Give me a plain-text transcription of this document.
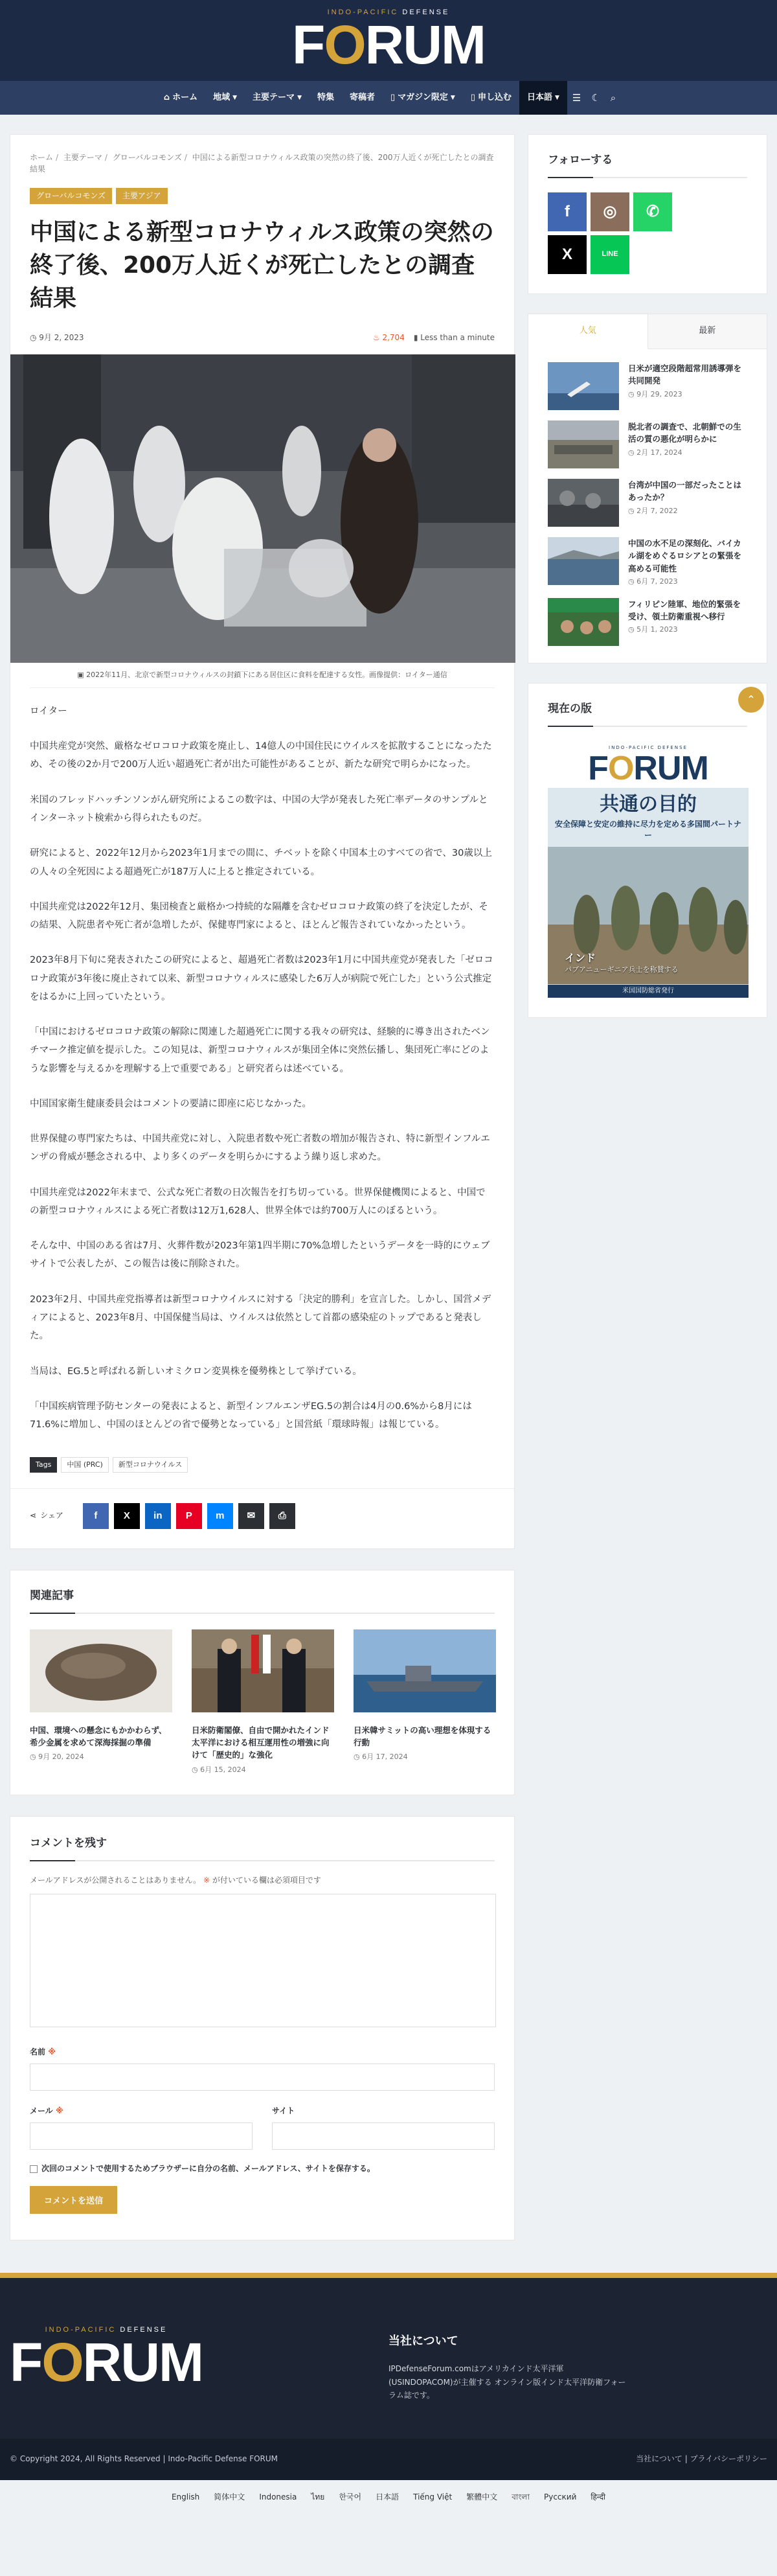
INDO-PACIFIC DEFENSE
FORUM
⌂ ホーム 地域 ▼ 主要テーマ ▼ 特集 寄稿者 ▯ マガジン限定 ▼ ▯ 申し込む 日本語 ▼	☰	☾	⌕
ホーム / 主要テーマ / グローバルコモンズ / 中国による新型コロナウィルス政策の突然の終了後、200万人近くが死亡したとの調査結果
グローバルコモンズ	主要アジア
中国による新型コロナウィルス政策の突然の終了後、200万人近くが死亡したとの調査結果
◷ 9月 2, 2023	♨ 2,704 ▮ Less than a minute
▣ 2022年11月、北京で新型コロナウィルスの封鎖下にある居住区に食料を配達する女性。画像提供：ロイター通信

ロイター

中国共産党が突然、厳格なゼロコロナ政策を廃止し、14億人の中国住民にウイルスを拡散することになったため、その後の2か月で200万人近い超過死亡者が出た可能性があることが、新たな研究で明らかになった。

米国のフレッドハッチンソンがん研究所によるこの数字は、中国の大学が発表した死亡率データのサンプルとインターネット検索から得られたものだ。

研究によると、2022年12月から2023年1月までの間に、チベットを除く中国本土のすべての省で、30歳以上の人々の全死因による超過死亡が187万人に上ると推定されている。

中国共産党は2022年12月、集団検査と厳格かつ持続的な隔離を含むゼロコロナ政策の終了を決定したが、その結果、入院患者や死亡者が急増したが、保健専門家によると、ほとんど報告されていなかったという。

2023年8月下旬に発表されたこの研究によると、超過死亡者数は2023年1月に中国共産党が発表した「ゼロコロナ政策が3年後に廃止されて以来、新型コロナウィルスに感染した6万人が病院で死亡した」という公式推定をはるかに上回っていたという。

「中国におけるゼロコロナ政策の解除に関連した超過死亡に関する我々の研究は、経験的に導き出されたベンチマーク推定値を提示した。この知見は、新型コロナウィルスが集団全体に突然伝播し、集団死亡率にどのような影響を与えるかを理解する上で重要である」と研究者らは述べている。

中国国家衛生健康委員会はコメントの要請に即座に応じなかった。

世界保健の専門家たちは、中国共産党に対し、入院患者数や死亡者数の増加が報告され、特に新型インフルエンザの脅威が懸念される中、より多くのデータを明らかにするよう繰り返し求めた。

中国共産党は2022年末まで、公式な死亡者数の日次報告を打ち切っている。世界保健機関によると、中国での新型コロナウィルスによる死亡者数は12万1,628人、世界全体では約700万人にのぼるという。

そんな中、中国のある省は7月、火葬件数が2023年第1四半期に70%急増したというデータを一時的にウェブサイトで公表したが、この報告は後に削除された。

2023年2月、中国共産党指導者は新型コロナウイルスに対する「決定的勝利」を宣言した。しかし、国営メディアによると、2023年8月、中国保健当局は、ウイルスは依然として首都の感染症のトップであると発表した。

当局は、EG.5と呼ばれる新しいオミクロン変異株を優勢株として挙げている。

「中国疾病管理予防センターの発表によると、新型インフルエンザEG.5の割合は4月の0.6%から8月には71.6%に増加し、中国のほとんどの省で優勢となっている」と国営紙「環球時報」は報じている。

Tags	中国 (PRC)	新型コロナウイルス
⋖ シェア	f	X	in	P	m	✉	⎙
関連記事
中国、環境への懸念にもかかわらず、希少金属を求めて深海採掘の準備
◷ 9月 20, 2024
日米防衛閣僚、自由で開かれたインド太平洋における相互運用性の増強に向けて「歴史的」な強化
◷ 6月 15, 2024
日米韓サミットの高い理想を体現する行動
◷ 6月 17, 2024
コメントを残す
メールアドレスが公開されることはありません。 ※ が付いている欄は必須項目です
名前 ※
メール ※	サイト
次回のコメントで使用するためブラウザーに自分の名前、メールアドレス、サイトを保存する。
コメントを送信
フォローする
f	◎	✆
X	LINE
人気	最新
日米が適空段階超常用誘導弾を共同開発
◷ 9月 29, 2023
脱北者の調査で、北朝鮮での生活の質の悪化が明らかに
◷ 2月 17, 2024
台湾が中国の一部だったことはあったか？
◷ 2月 7, 2022
中国の水不足の深刻化、バイカル湖をめぐるロシアとの緊張を高める可能性
◷ 6月 7, 2023
フィリピン陸軍、地位的緊張を受け、領土防衛重視へ移行
◷ 5月 1, 2023
現在の版
INDO-PACIFIC DEFENSE
FORUM
共通の目的
安全保障と安定の維持に尽力を定める多国間パートナー
インド
パプアニューギニア兵士を称賛する
米国国防総省発行
⌃
INDO-PACIFIC DEFENSE
FORUM	当社について

IPDefenseForum.comはアメリカインド太平洋軍(USINDOPACOM)が主催する オンライン版インド太平洋防衛フォーラム誌です。

© Copyright 2024, All Rights Reserved | Indo-Pacific Defense FORUM	当社について | プライバシーポリシー
English 简体中文 Indonesia ไทย 한국어 日本語 Tiếng Việt 繁體中文 বাংলা Русский हिन्दी
